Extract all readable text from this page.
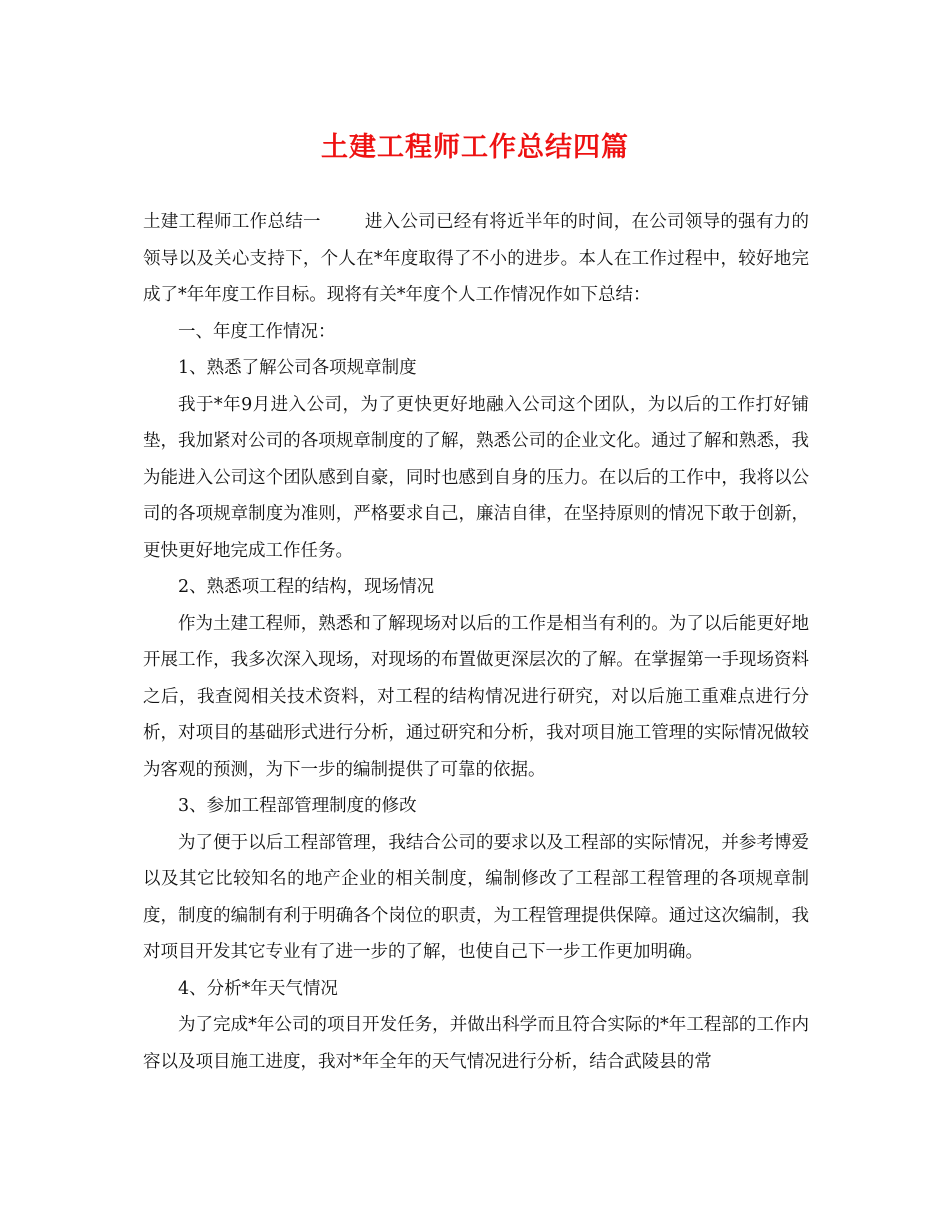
土建工程师工作总结四篇

土建工程师工作总结一	进入公司已经有将近半年的时间，在公司领导的强有力的领导以及关心支持下，个人在*年度取得了不小的进步。本人在工作过程中，较好地完成了*年年度工作目标。现将有关*年度个人工作情况作如下总结：

一、年度工作情况：

1、熟悉了解公司各项规章制度

我于*年9月进入公司，为了更快更好地融入公司这个团队，为以后的工作打好铺垫，我加紧对公司的各项规章制度的了解，熟悉公司的企业文化。通过了解和熟悉，我为能进入公司这个团队感到自豪，同时也感到自身的压力。在以后的工作中，我将以公司的各项规章制度为准则，严格要求自己，廉洁自律，在坚持原则的情况下敢于创新，更快更好地完成工作任务。

2、熟悉项工程的结构，现场情况

作为土建工程师，熟悉和了解现场对以后的工作是相当有利的。为了以后能更好地开展工作，我多次深入现场，对现场的布置做更深层次的了解。在掌握第一手现场资料之后，我查阅相关技术资料，对工程的结构情况进行研究，对以后施工重难点进行分析，对项目的基础形式进行分析，通过研究和分析，我对项目施工管理的实际情况做较为客观的预测，为下一步的编制提供了可靠的依据。

3、参加工程部管理制度的修改

为了便于以后工程部管理，我结合公司的要求以及工程部的实际情况，并参考博爱以及其它比较知名的地产企业的相关制度，编制修改了工程部工程管理的各项规章制度，制度的编制有利于明确各个岗位的职责，为工程管理提供保障。通过这次编制，我对项目开发其它专业有了进一步的了解，也使自己下一步工作更加明确。

4、分析*年天气情况

为了完成*年公司的项目开发任务，并做出科学而且符合实际的*年工程部的工作内容以及项目施工进度，我对*年全年的天气情况进行分析，结合武陵县的常
